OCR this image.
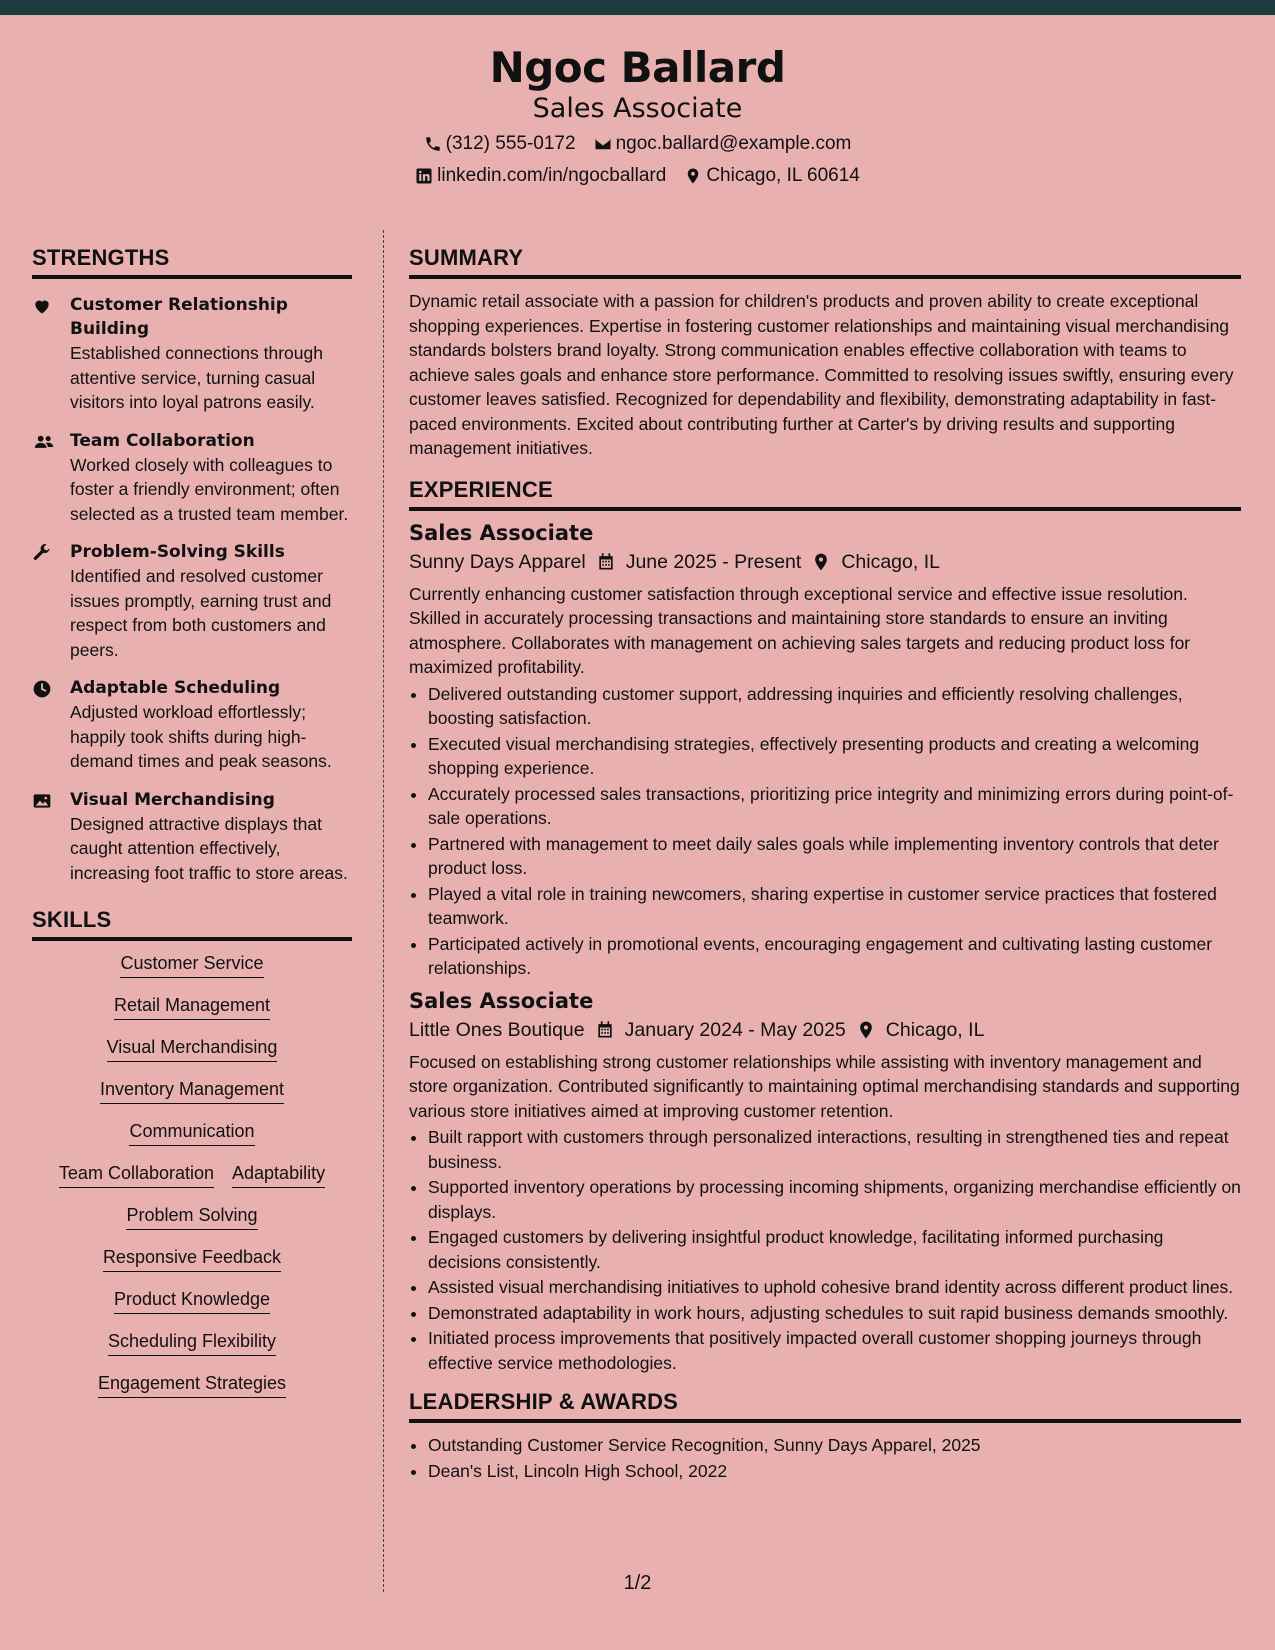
Ngoc Ballard
Sales Associate
(312) 555-0172 ngoc.ballard@example.com
linkedin.com/in/ngocballard Chicago, IL 60614
STRENGTHS
Customer Relationship Building
Established connections through attentive service, turning casual visitors into loyal patrons easily.
Team Collaboration
Worked closely with colleagues to foster a friendly environment; often selected as a trusted team member.
Problem-Solving Skills
Identified and resolved customer issues promptly, earning trust and respect from both customers and peers.
Adaptable Scheduling
Adjusted workload effortlessly; happily took shifts during high-demand times and peak seasons.
Visual Merchandising
Designed attractive displays that caught attention effectively, increasing foot traffic to store areas.
SKILLS
Customer Service
Retail Management
Visual Merchandising
Inventory Management
Communication
Team Collaboration Adaptability
Problem Solving
Responsive Feedback
Product Knowledge
Scheduling Flexibility
Engagement Strategies
SUMMARY
Dynamic retail associate with a passion for children's products and proven ability to create exceptional shopping experiences. Expertise in fostering customer relationships and maintaining visual merchandising standards bolsters brand loyalty. Strong communication enables effective collaboration with teams to achieve sales goals and enhance store performance. Committed to resolving issues swiftly, ensuring every customer leaves satisfied. Recognized for dependability and flexibility, demonstrating adaptability in fast-paced environments. Excited about contributing further at Carter's by driving results and supporting management initiatives.
EXPERIENCE
Sales Associate
Sunny Days Apparel June 2025 - Present Chicago, IL
Currently enhancing customer satisfaction through exceptional service and effective issue resolution. Skilled in accurately processing transactions and maintaining store standards to ensure an inviting atmosphere. Collaborates with management on achieving sales targets and reducing product loss for maximized profitability.
• Delivered outstanding customer support, addressing inquiries and efficiently resolving challenges, boosting satisfaction.
• Executed visual merchandising strategies, effectively presenting products and creating a welcoming shopping experience.
• Accurately processed sales transactions, prioritizing price integrity and minimizing errors during point-of-sale operations.
• Partnered with management to meet daily sales goals while implementing inventory controls that deter product loss.
• Played a vital role in training newcomers, sharing expertise in customer service practices that fostered teamwork.
• Participated actively in promotional events, encouraging engagement and cultivating lasting customer relationships.
Sales Associate
Little Ones Boutique January 2024 - May 2025 Chicago, IL
Focused on establishing strong customer relationships while assisting with inventory management and store organization. Contributed significantly to maintaining optimal merchandising standards and supporting various store initiatives aimed at improving customer retention.
• Built rapport with customers through personalized interactions, resulting in strengthened ties and repeat business.
• Supported inventory operations by processing incoming shipments, organizing merchandise efficiently on displays.
• Engaged customers by delivering insightful product knowledge, facilitating informed purchasing decisions consistently.
• Assisted visual merchandising initiatives to uphold cohesive brand identity across different product lines.
• Demonstrated adaptability in work hours, adjusting schedules to suit rapid business demands smoothly.
• Initiated process improvements that positively impacted overall customer shopping journeys through effective service methodologies.
LEADERSHIP & AWARDS
• Outstanding Customer Service Recognition, Sunny Days Apparel, 2025
• Dean's List, Lincoln High School, 2022
1/2
